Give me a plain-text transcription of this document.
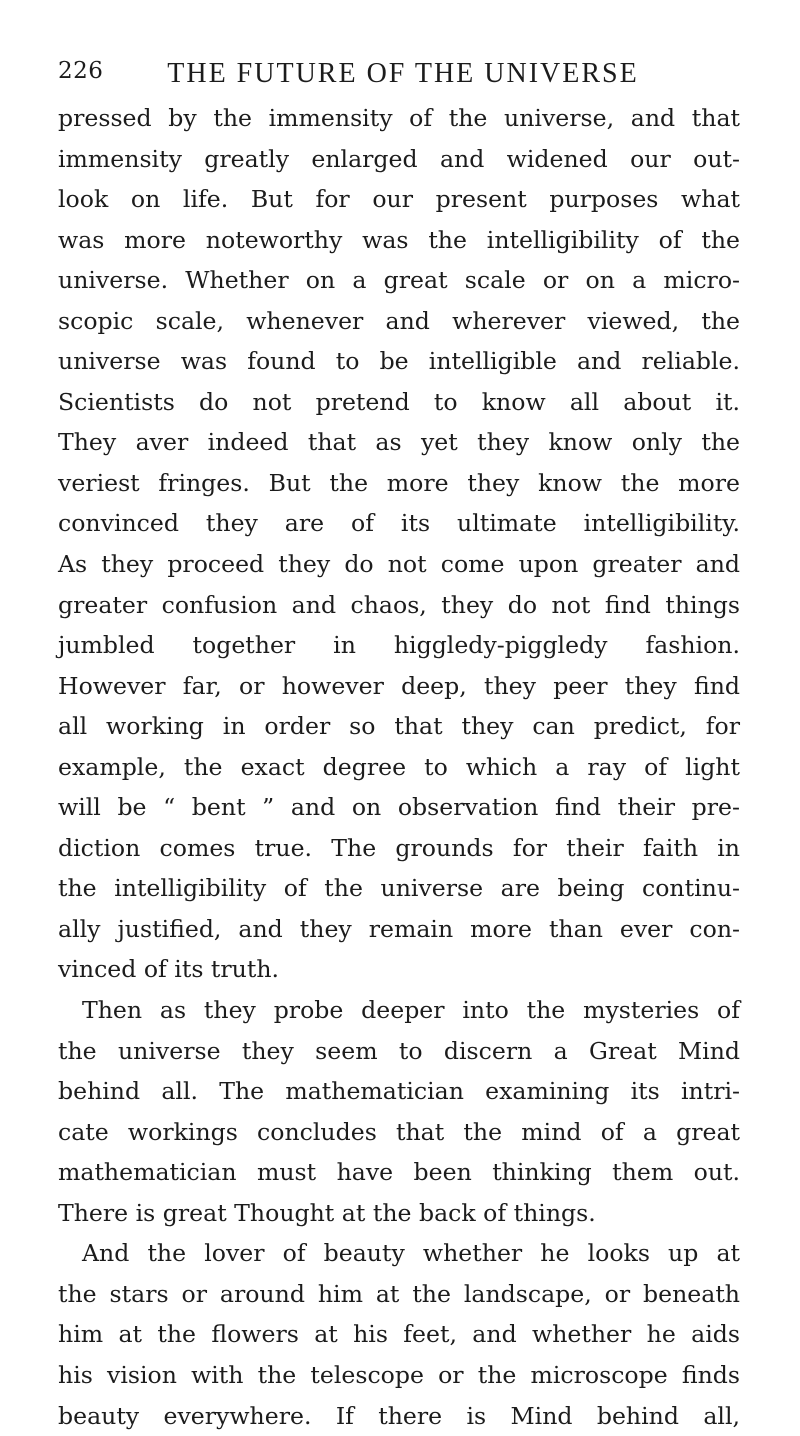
226	THE FUTURE OF THE UNIVERSE
pressed by the immensity of the universe, and that
immensity greatly enlarged and widened our out-
look on life. But for our present purposes what
was more noteworthy was the intelligibility of the
universe. Whether on a great scale or on a micro-
scopic scale, whenever and wherever viewed, the
universe was found to be intelligible and reliable.
Scientists do not pretend to know all about it.
They aver indeed that as yet they know only the
veriest fringes. But the more they know the more
convinced they are of its ultimate intelligibility.
As they proceed they do not come upon greater and
greater confusion and chaos, they do not find things
jumbled together in higgledy-piggledy fashion.
However far, or however deep, they peer they find
all working in order so that they can predict, for
example, the exact degree to which a ray of light
will be “ bent ” and on observation find their pre-
diction comes true. The grounds for their faith in
the intelligibility of the universe are being continu-
ally justified, and they remain more than ever con-
vinced of its truth.
Then as they probe deeper into the mysteries of
the universe they seem to discern a Great Mind
behind all. The mathematician examining its intri-
cate workings concludes that the mind of a great
mathematician must have been thinking them out.
There is great Thought at the back of things.
And the lover of beauty whether he looks up at
the stars or around him at the landscape, or beneath
him at the flowers at his feet, and whether he aids
his vision with the telescope or the microscope finds
beauty everywhere. If there is Mind behind all,
